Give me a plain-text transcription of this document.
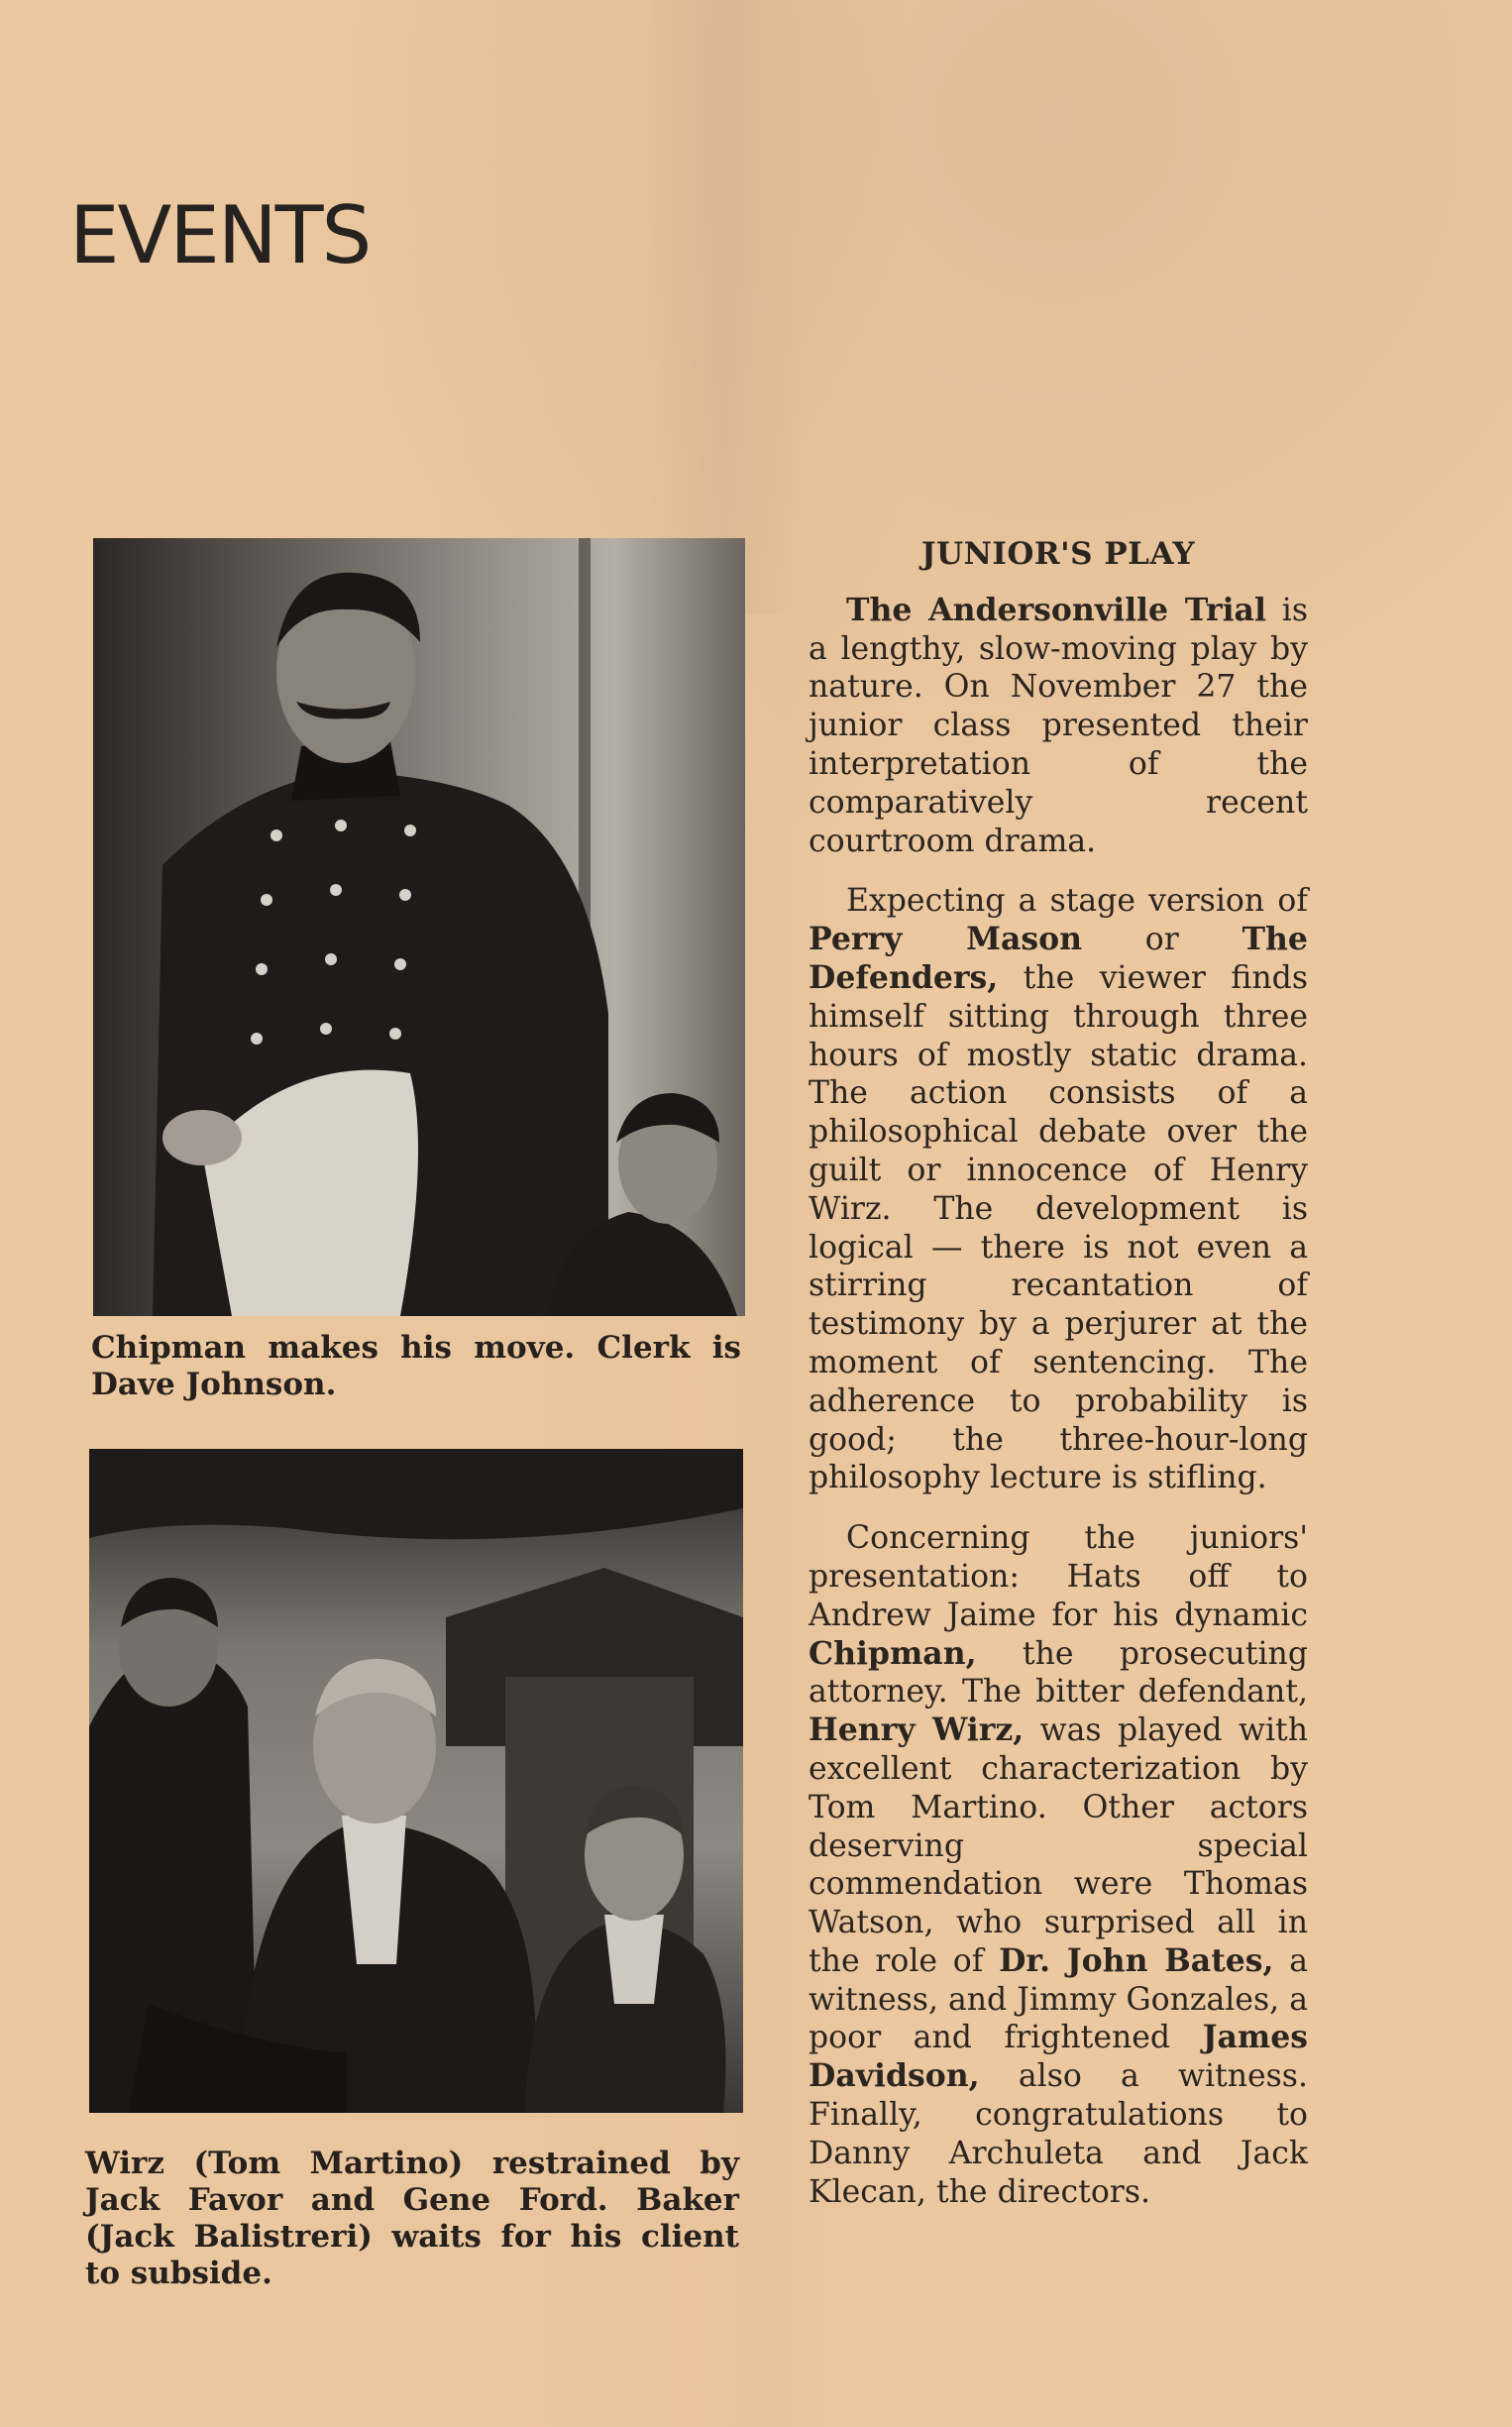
EVENTS

Chipman makes his move. Clerk is Dave Johnson.

Wirz (Tom Martino) restrained by Jack Favor and Gene Ford. Baker (Jack Balistreri) waits for his client to subside.

JUNIOR'S PLAY

The Andersonville Trial is a lengthy, slow-moving play by nature. On November 27 the junior class presented their interpretation of the comparatively recent courtroom drama.

Expecting a stage version of Perry Mason or The Defenders, the viewer finds himself sitting through three hours of mostly static drama. The action consists of a philosophical debate over the guilt or innocence of Henry Wirz. The development is logical — there is not even a stirring recantation of testimony by a perjurer at the moment of sentencing. The adherence to probability is good; the three-hour-long philosophy lecture is stifling.

Concerning the juniors' presentation: Hats off to Andrew Jaime for his dynamic Chipman, the prosecuting attorney. The bitter defendant, Henry Wirz, was played with excellent characterization by Tom Martino. Other actors deserving special commendation were Thomas Watson, who surprised all in the role of Dr. John Bates, a witness, and Jimmy Gonzales, a poor and frightened James Davidson, also a witness. Finally, congratulations to Danny Archuleta and Jack Klecan, the directors.
